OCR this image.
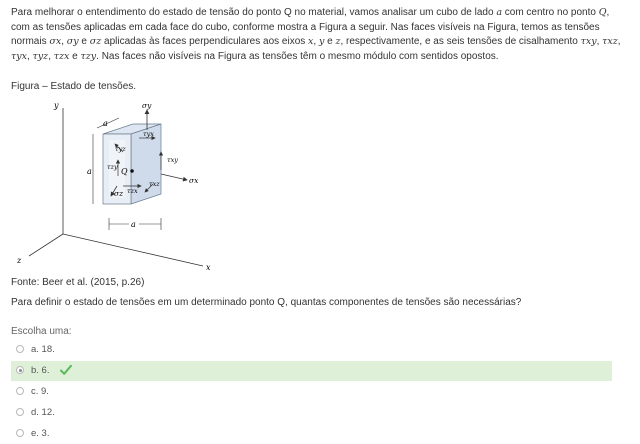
Para melhorar o entendimento do estado de tensão do ponto Q no material, vamos analisar um cubo de lado a com centro no ponto Q, com as tensões aplicadas em cada face do cubo, conforme mostra a Figura a seguir. Nas faces visíveis na Figura, temos as tensões normais σx, σy e σz aplicadas às faces perpendiculares aos eixos x, y e z, respectivamente, e as seis tensões de cisalhamento τxy, τxz, τyx, τyz, τzx e τzy. Nas faces não visíveis na Figura as tensões têm o mesmo módulo com sentidos opostos.

Figura – Estado de tensões.
y
x
z
a
a
a
σy
τyx
τyz
τxy
σx
τxz
τzy Q
τzx
σz
Fonte: Beer et al. (2015, p.26)
Para definir o estado de tensões em um determinado ponto Q, quantas componentes de tensões são necessárias?
Escolha uma:
a. 18.
b. 6.
c. 9.
d. 12.
e. 3.
